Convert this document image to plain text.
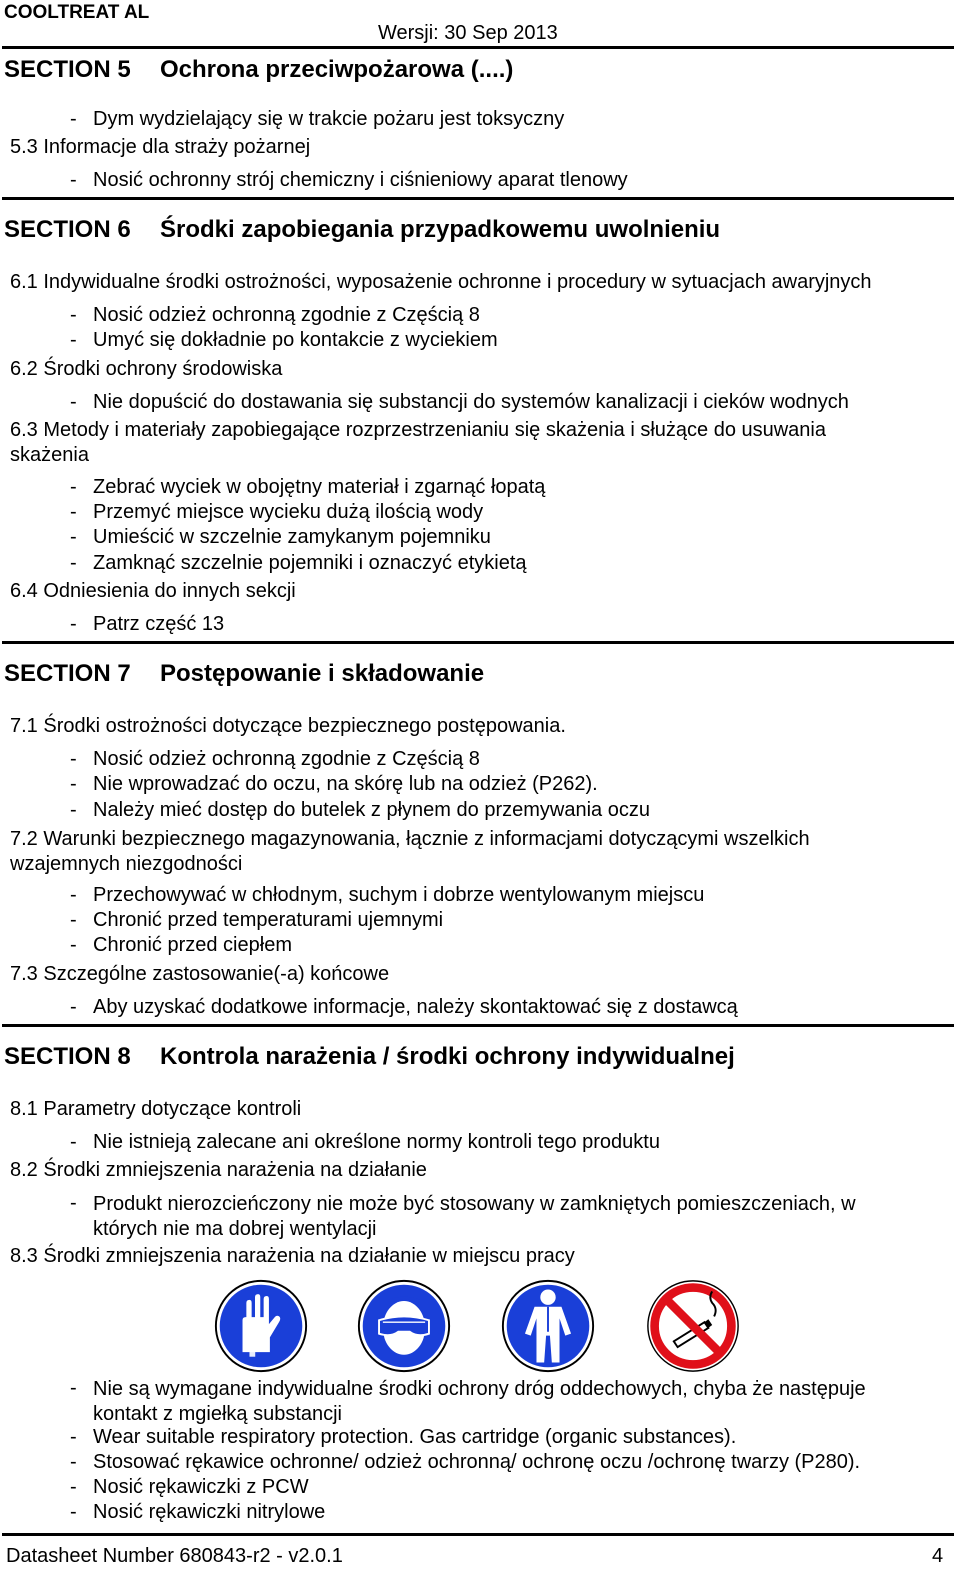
COOLTREAT AL
Wersji: 30 Sep 2013
SECTION 5 Ochrona przeciwpożarowa (....)
- Dym wydzielający się w trakcie pożaru jest toksyczny
5.3 Informacje dla straży pożarnej
- Nosić ochronny strój chemiczny i ciśnieniowy aparat tlenowy
SECTION 6 Środki zapobiegania przypadkowemu uwolnieniu
6.1 Indywidualne środki ostrożności, wyposażenie ochronne i procedury w sytuacjach awaryjnych
- Nosić odzież ochronną zgodnie z Częścią 8
- Umyć się dokładnie po kontakcie z wyciekiem
6.2 Środki ochrony środowiska
- Nie dopuścić do dostawania się substancji do systemów kanalizacji i cieków wodnych
6.3 Metody i materiały zapobiegające rozprzestrzenianiu się skażenia i służące do usuwania skażenia
- Zebrać wyciek w obojętny materiał i zgarnąć łopatą
- Przemyć miejsce wycieku dużą ilością wody
- Umieścić w szczelnie zamykanym pojemniku
- Zamknąć szczelnie pojemniki i oznaczyć etykietą
6.4 Odniesienia do innych sekcji
- Patrz część 13
SECTION 7 Postępowanie i składowanie
7.1 Środki ostrożności dotyczące bezpiecznego postępowania.
- Nosić odzież ochronną zgodnie z Częścią 8
- Nie wprowadzać do oczu, na skórę lub na odzież (P262).
- Należy mieć dostęp do butelek z płynem do przemywania oczu
7.2 Warunki bezpiecznego magazynowania, łącznie z informacjami dotyczącymi wszelkich wzajemnych niezgodności
- Przechowywać w chłodnym, suchym i dobrze wentylowanym miejscu
- Chronić przed temperaturami ujemnymi
- Chronić przed ciepłem
7.3 Szczególne zastosowanie(-a) końcowe
- Aby uzyskać dodatkowe informacje, należy skontaktować się z dostawcą
SECTION 8 Kontrola narażenia / środki ochrony indywidualnej
8.1 Parametry dotyczące kontroli
- Nie istnieją zalecane ani określone normy kontroli tego produktu
8.2 Środki zmniejszenia narażenia na działanie
- Produkt nierozcieńczony nie może być stosowany w zamkniętych pomieszczeniach, w których nie ma dobrej wentylacji
8.3 Środki zmniejszenia narażenia na działanie w miejscu pracy
- Nie są wymagane indywidualne środki ochrony dróg oddechowych, chyba że następuje kontakt z mgiełką substancji
- Wear suitable respiratory protection. Gas cartridge (organic substances).
- Stosować rękawice ochronne/ odzież ochronną/ ochronę oczu /ochronę twarzy (P280).
- Nosić rękawiczki z PCW
- Nosić rękawiczki nitrylowe
Datasheet Number 680843-r2 - v2.0.1	4
